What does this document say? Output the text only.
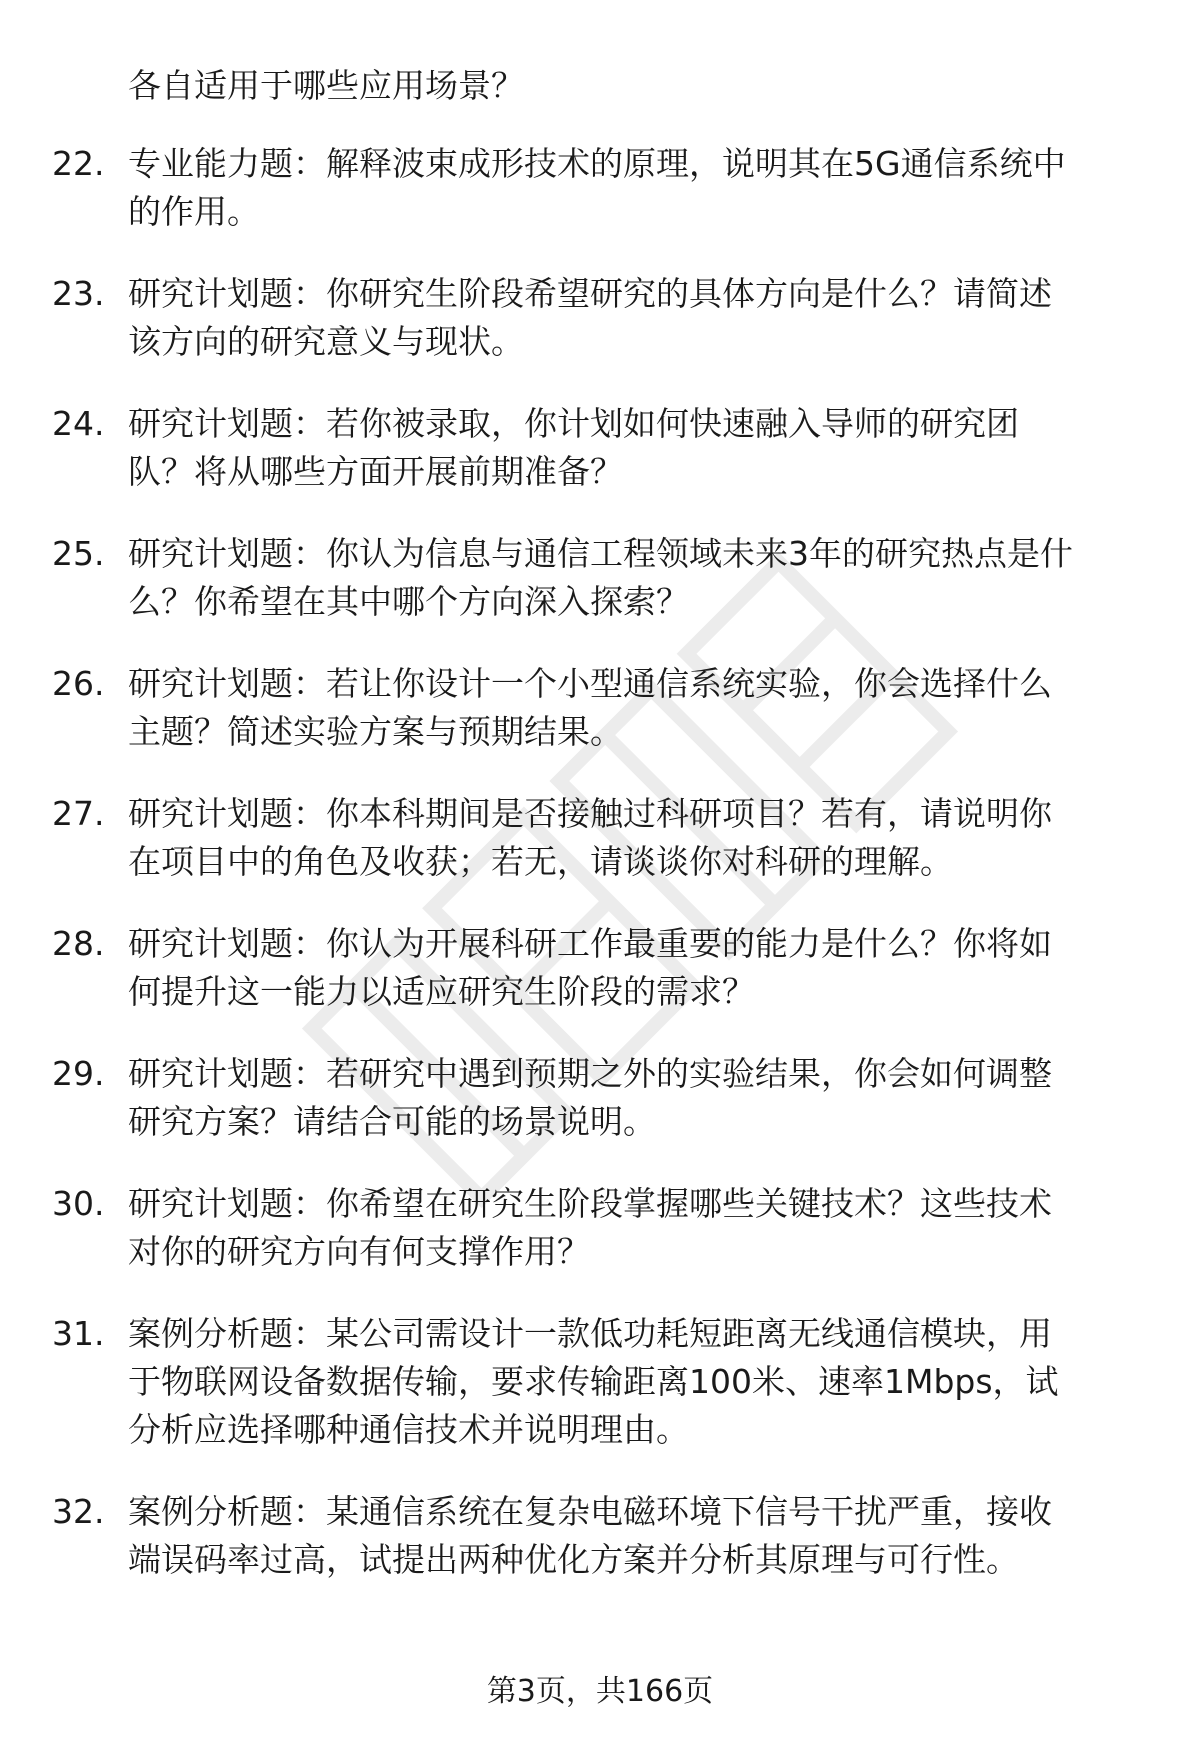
各自适用于哪些应用场景？

22. 专业能力题：解释波束成形技术的原理，说明其在5G通信系统中
的作用。
23. 研究计划题：你研究生阶段希望研究的具体方向是什么？请简述
该方向的研究意义与现状。
24. 研究计划题：若你被录取，你计划如何快速融入导师的研究团
队？将从哪些方面开展前期准备？
25. 研究计划题：你认为信息与通信工程领域未来3年的研究热点是什
么？你希望在其中哪个方向深入探索？
26. 研究计划题：若让你设计一个小型通信系统实验，你会选择什么
主题？简述实验方案与预期结果。
27. 研究计划题：你本科期间是否接触过科研项目？若有，请说明你
在项目中的角色及收获；若无，请谈谈你对科研的理解。
28. 研究计划题：你认为开展科研工作最重要的能力是什么？你将如
何提升这一能力以适应研究生阶段的需求？
29. 研究计划题：若研究中遇到预期之外的实验结果，你会如何调整
研究方案？请结合可能的场景说明。
30. 研究计划题：你希望在研究生阶段掌握哪些关键技术？这些技术
对你的研究方向有何支撑作用？
31. 案例分析题：某公司需设计一款低功耗短距离无线通信模块，用
于物联网设备数据传输，要求传输距离100米、速率1Mbps，试
分析应选择哪种通信技术并说明理由。
32. 案例分析题：某通信系统在复杂电磁环境下信号干扰严重，接收
端误码率过高，试提出两种优化方案并分析其原理与可行性。
第3页，共166页
